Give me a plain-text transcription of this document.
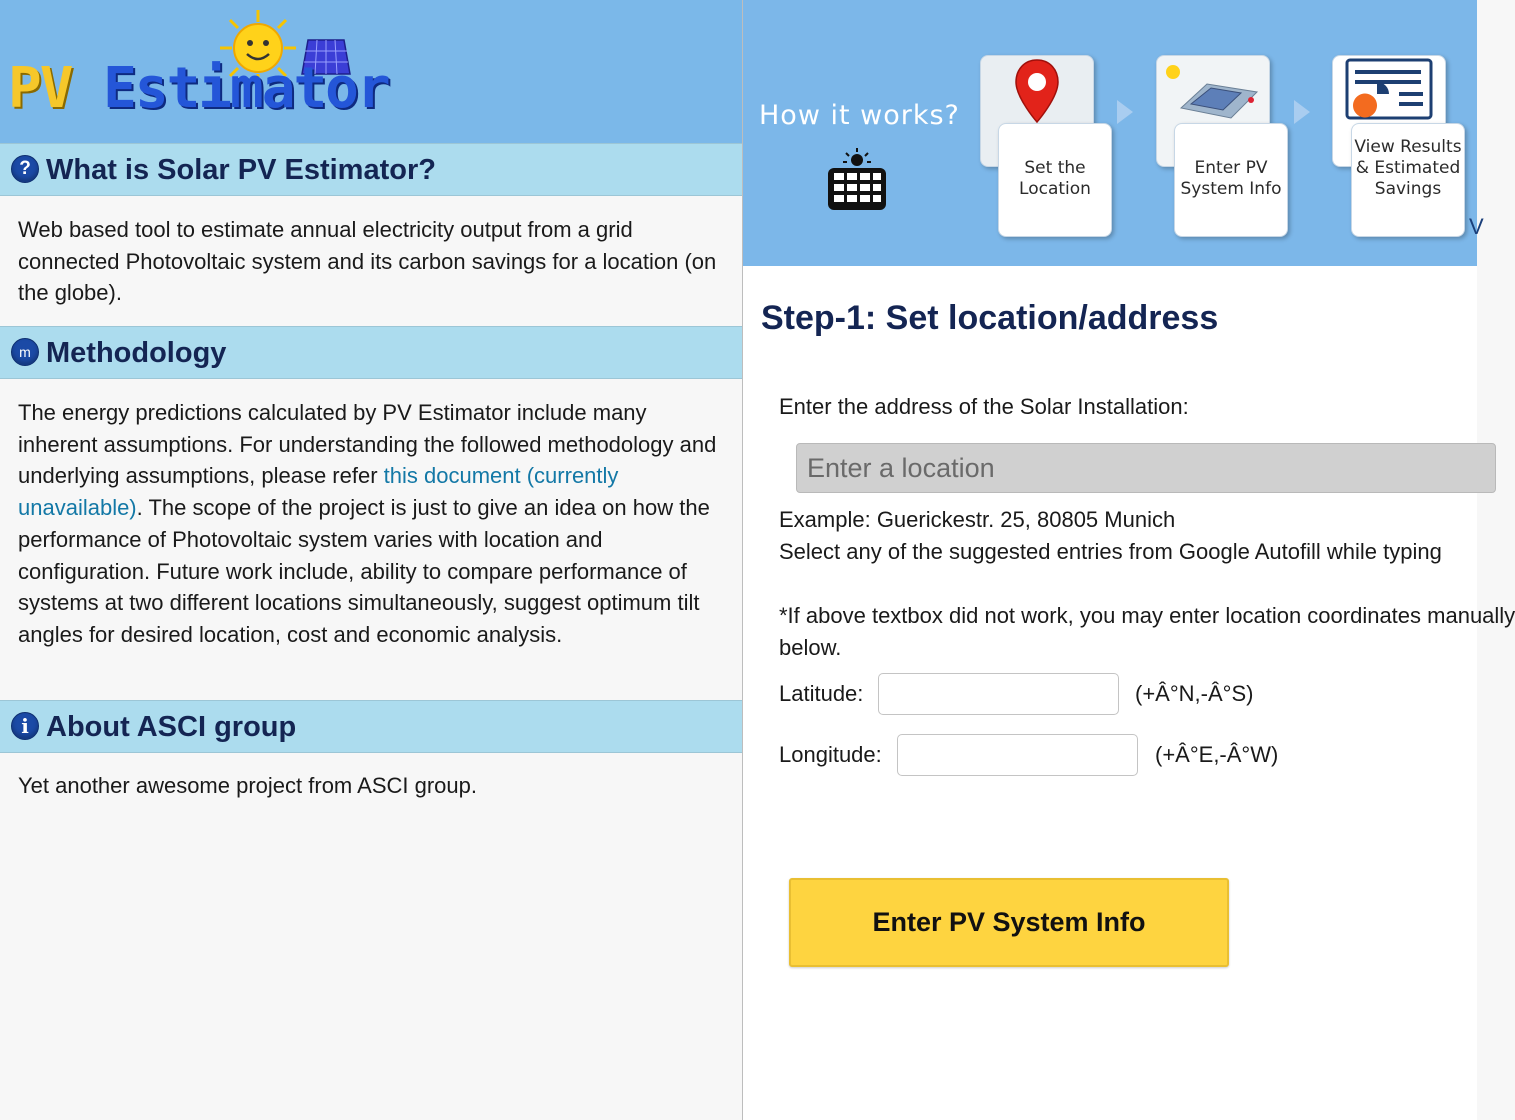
PV Estimator
? What is Solar PV Estimator?
Web based tool to estimate annual electricity output from a grid connected Photovoltaic system and its carbon savings for a location (on the globe).
m Methodology
The energy predictions calculated by PV Estimator include many inherent assumptions. For understanding the followed methodology and underlying assumptions, please refer this document (currently unavailable). The scope of the project is just to give an idea on how the performance of Photovoltaic system varies with location and configuration. Future work include, ability to compare performance of systems at two different locations simultaneously, suggest optimum tilt angles for desired location, cost and economic analysis.
i About ASCI group
Yet another awesome project from ASCI group.
How it works?
Set the Location
Enter PV System Info
View Results & Estimated Savings
V
Step-1: Set location/address
Enter the address of the Solar Installation:
Enter a location
Example: Guerickestr. 25, 80805 Munich
Select any of the suggested entries from Google Autofill while typing
*If above textbox did not work, you may enter location coordinates manually
below.
Latitude:	(+Â°N,-Â°S)
Longitude:	(+Â°E,-Â°W)
Enter PV System Info
